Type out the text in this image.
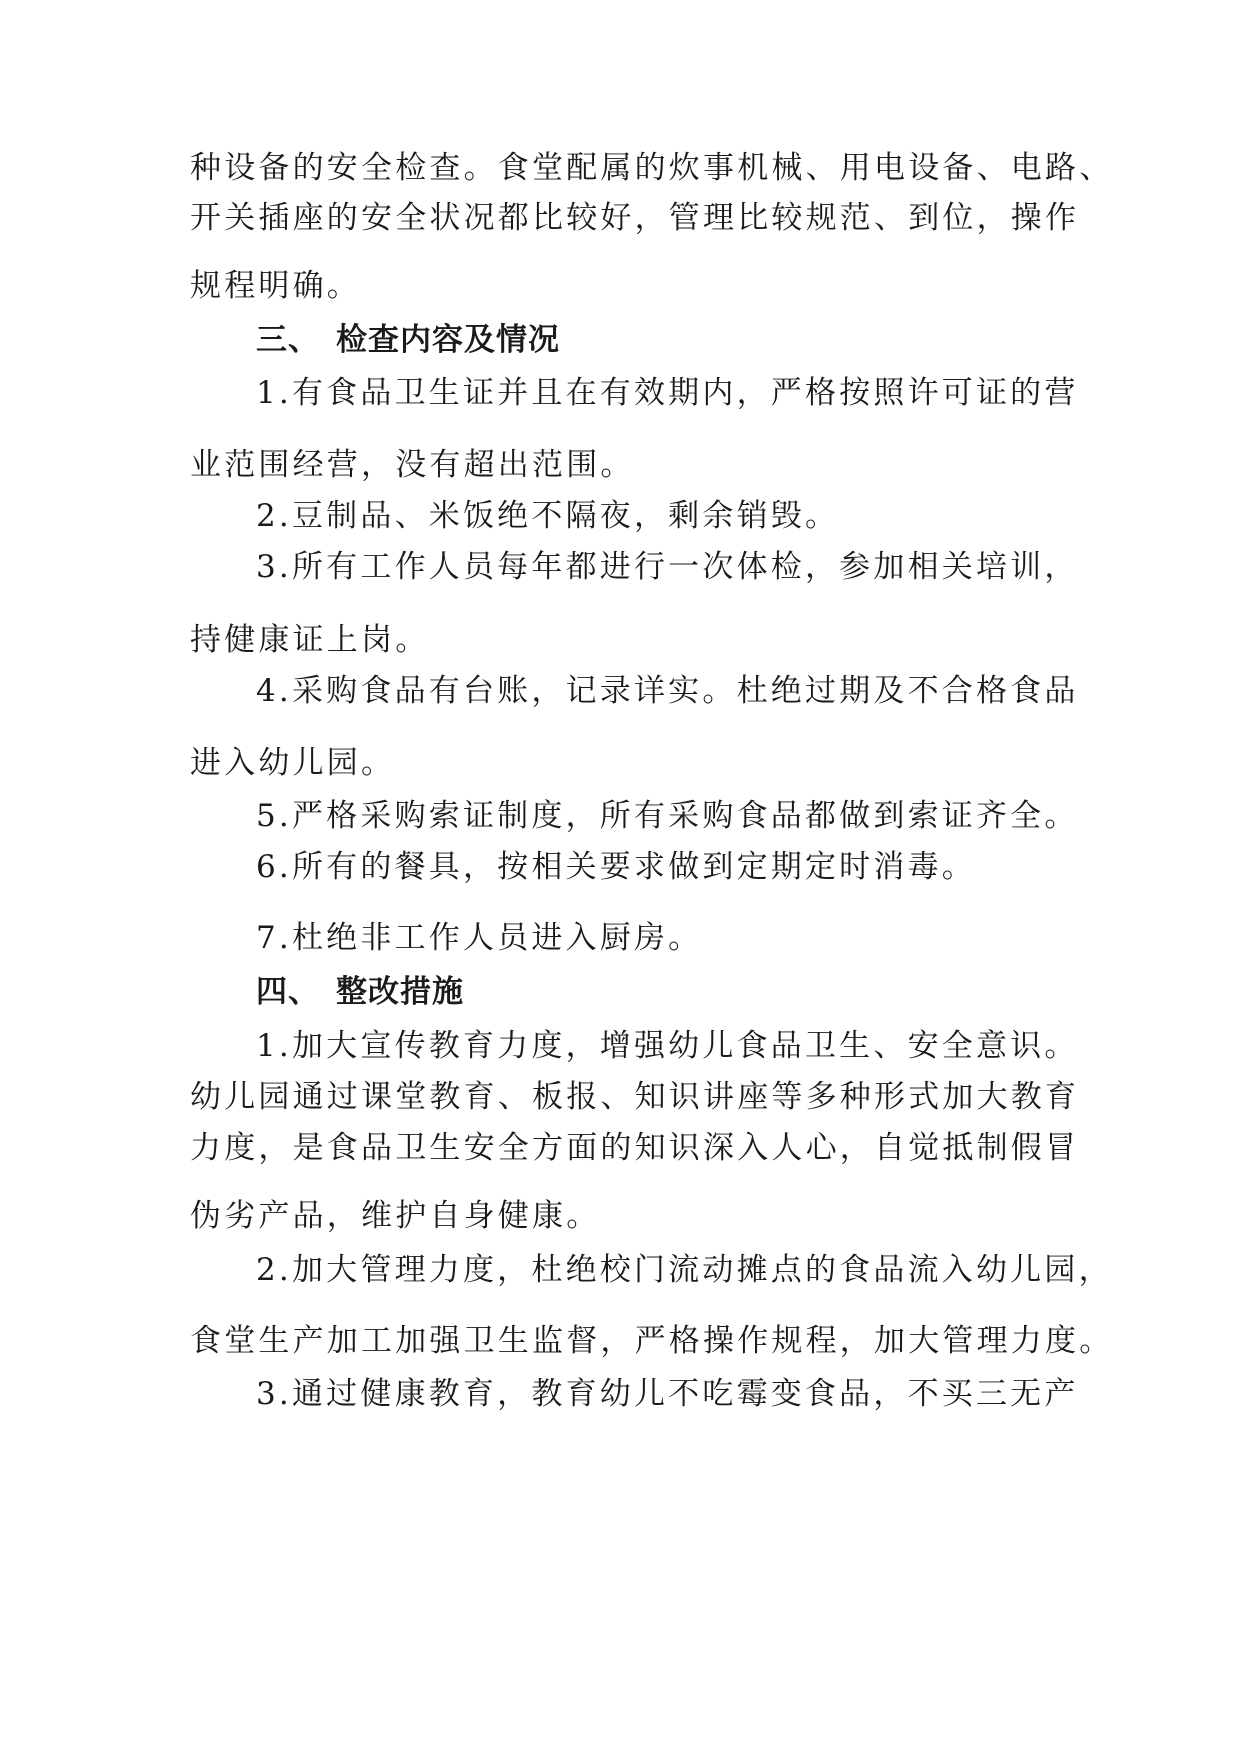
种设备的安全检查。食堂配属的炊事机械、用电设备、电路、
开关插座的安全状况都比较好，管理比较规范、到位，操作
规程明确。
三、 检查内容及情况
1.有食品卫生证并且在有效期内，严格按照许可证的营
业范围经营，没有超出范围。
2.豆制品、米饭绝不隔夜，剩余销毁。
3.所有工作人员每年都进行一次体检，参加相关培训，
持健康证上岗。
4.采购食品有台账，记录详实。杜绝过期及不合格食品
进入幼儿园。
5.严格采购索证制度，所有采购食品都做到索证齐全。
6.所有的餐具，按相关要求做到定期定时消毒。
7.杜绝非工作人员进入厨房。
四、 整改措施
1.加大宣传教育力度，增强幼儿食品卫生、安全意识。
幼儿园通过课堂教育、板报、知识讲座等多种形式加大教育
力度，是食品卫生安全方面的知识深入人心，自觉抵制假冒
伪劣产品，维护自身健康。
2.加大管理力度，杜绝校门流动摊点的食品流入幼儿园，
食堂生产加工加强卫生监督，严格操作规程，加大管理力度。
3.通过健康教育，教育幼儿不吃霉变食品，不买三无产
